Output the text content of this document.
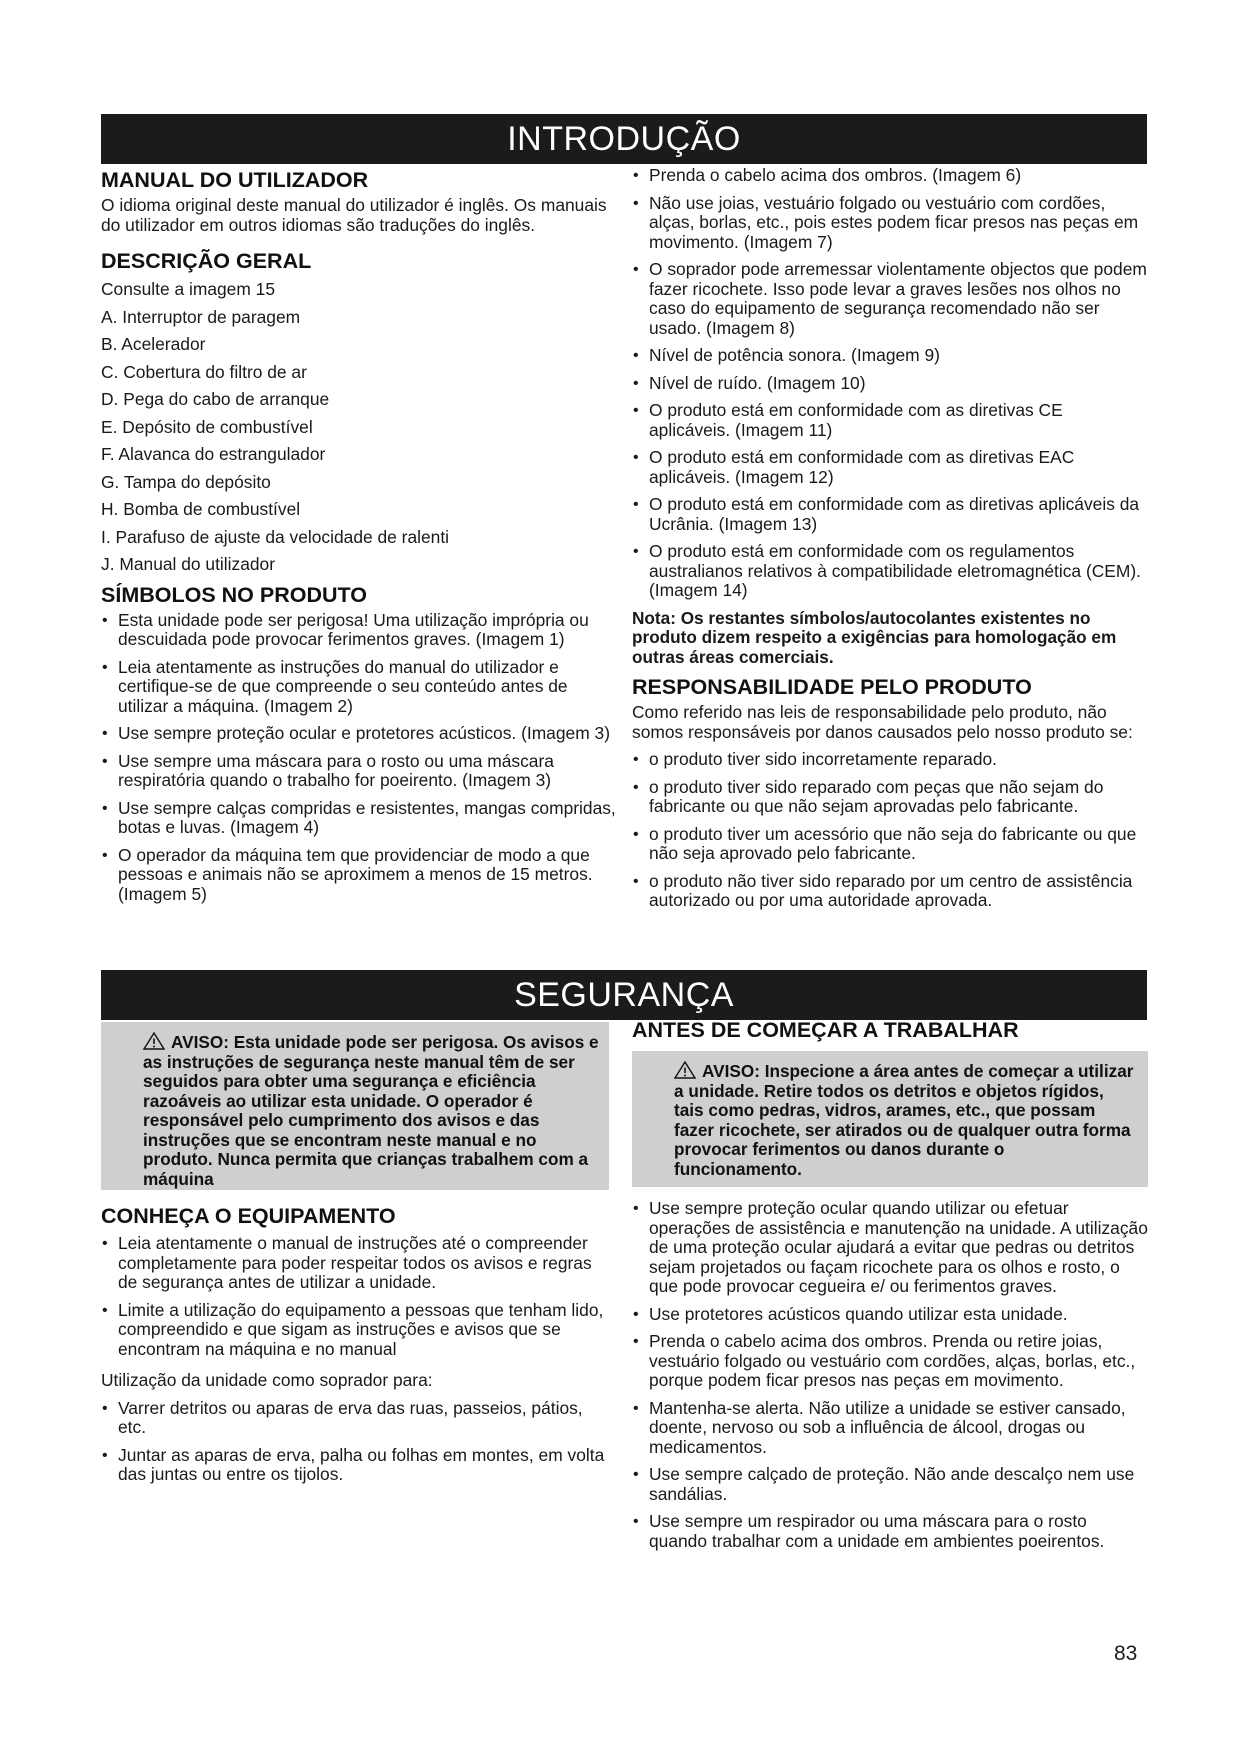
INTRODUÇÃO
MANUAL DO UTILIZADOR

O idioma original deste manual do utilizador é inglês. Os manuais do utilizador em outros idiomas são traduções do inglês.

DESCRIÇÃO GERAL

Consulte a imagem 15

A. Interruptor de paragem
B. Acelerador
C. Cobertura do filtro de ar
D. Pega do cabo de arranque
E. Depósito de combustível
F. Alavanca do estrangulador
G. Tampa do depósito
H. Bomba de combustível
I. Parafuso de ajuste da velocidade de ralenti
J. Manual do utilizador
SÍMBOLOS NO PRODUTO
• Esta unidade pode ser perigosa! Uma utilização imprópria ou descuidada pode provocar ferimentos graves. (Imagem 1)
• Leia atentamente as instruções do manual do utilizador e certifique-se de que compreende o seu conteúdo antes de utilizar a máquina. (Imagem 2)
• Use sempre proteção ocular e protetores acústicos. (Imagem 3)
• Use sempre uma máscara para o rosto ou uma máscara respiratória quando o trabalho for poeirento. (Imagem 3)
• Use sempre calças compridas e resistentes, mangas compridas, botas e luvas. (Imagem 4)
• O operador da máquina tem que providenciar de modo a que pessoas e animais não se aproximem a menos de 15 metros. (Imagem 5)
• Prenda o cabelo acima dos ombros. (Imagem 6)
• Não use joias, vestuário folgado ou vestuário com cordões, alças, borlas, etc., pois estes podem ficar presos nas peças em movimento. (Imagem 7)
• O soprador pode arremessar violentamente objectos que podem fazer ricochete. Isso pode levar a graves lesões nos olhos no caso do equipamento de segurança recomendado não ser usado. (Imagem 8)
• Nível de potência sonora. (Imagem 9)
• Nível de ruído. (Imagem 10)
• O produto está em conformidade com as diretivas CE aplicáveis. (Imagem 11)
• O produto está em conformidade com as diretivas EAC aplicáveis. (Imagem 12)
• O produto está em conformidade com as diretivas aplicáveis da Ucrânia. (Imagem 13)
• O produto está em conformidade com os regulamentos australianos relativos à compatibilidade eletromagnética (CEM). (Imagem 14)

Nota: Os restantes símbolos/autocolantes existentes no produto dizem respeito a exigências para homologação em outras áreas comerciais.

RESPONSABILIDADE PELO PRODUTO

Como referido nas leis de responsabilidade pelo produto, não somos responsáveis por danos causados pelo nosso produto se:

• o produto tiver sido incorretamente reparado.
• o produto tiver sido reparado com peças que não sejam do fabricante ou que não sejam aprovadas pelo fabricante.
• o produto tiver um acessório que não seja do fabricante ou que não seja aprovado pelo fabricante.
• o produto não tiver sido reparado por um centro de assistência autorizado ou por uma autoridade aprovada.
SEGURANÇA
AVISO: Esta unidade pode ser perigosa. Os avisos e as instruções de segurança neste manual têm de ser seguidos para obter uma segurança e eficiência razoáveis ao utilizar esta unidade. O operador é responsável pelo cumprimento dos avisos e das instruções que se encontram neste manual e no produto. Nunca permita que crianças trabalhem com a máquina
CONHEÇA O EQUIPAMENTO
• Leia atentamente o manual de instruções até o compreender completamente para poder respeitar todos os avisos e regras de segurança antes de utilizar a unidade.
• Limite a utilização do equipamento a pessoas que tenham lido, compreendido e que sigam as instruções e avisos que se encontram na máquina e no manual

Utilização da unidade como soprador para:

• Varrer detritos ou aparas de erva das ruas, passeios, pátios, etc.
• Juntar as aparas de erva, palha ou folhas em montes, em volta das juntas ou entre os tijolos.
ANTES DE COMEÇAR A TRABALHAR
AVISO: Inspecione a área antes de começar a utilizar a unidade. Retire todos os detritos e objetos rígidos, tais como pedras, vidros, arames, etc., que possam fazer ricochete, ser atirados ou de qualquer outra forma provocar ferimentos ou danos durante o funcionamento.
• Use sempre proteção ocular quando utilizar ou efetuar operações de assistência e manutenção na unidade. A utilização de uma proteção ocular ajudará a evitar que pedras ou detritos sejam projetados ou façam ricochete para os olhos e rosto, o que pode provocar cegueira e/ ou ferimentos graves.
• Use protetores acústicos quando utilizar esta unidade.
• Prenda o cabelo acima dos ombros. Prenda ou retire joias, vestuário folgado ou vestuário com cordões, alças, borlas, etc., porque podem ficar presos nas peças em movimento.
• Mantenha-se alerta. Não utilize a unidade se estiver cansado, doente, nervoso ou sob a influência de álcool, drogas ou medicamentos.
• Use sempre calçado de proteção. Não ande descalço nem use sandálias.
• Use sempre um respirador ou uma máscara para o rosto quando trabalhar com a unidade em ambientes poeirentos.
83
